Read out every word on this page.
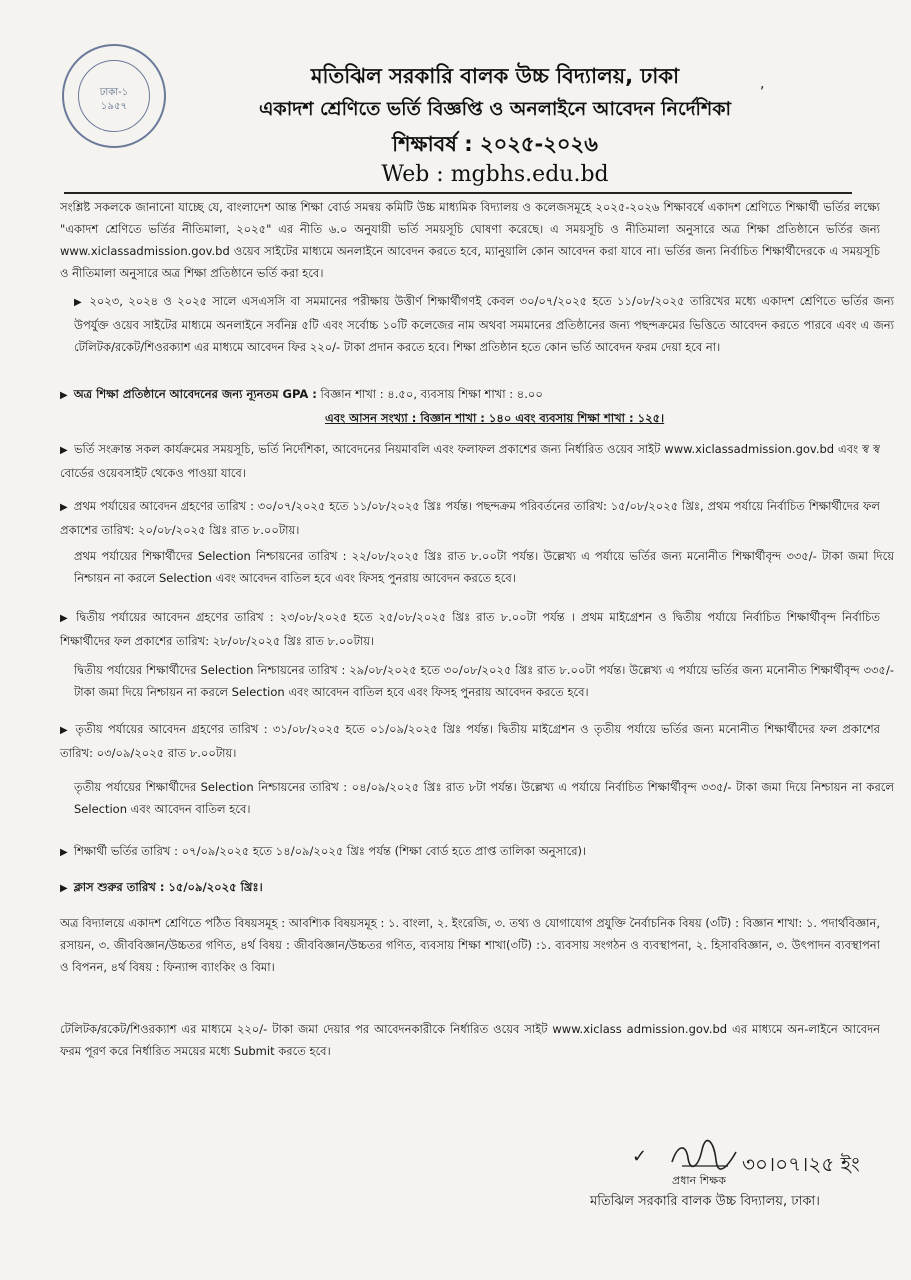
ঢাকা-১
১৯৫৭
মতিঝিল সরকারি বালক উচ্চ বিদ্যালয়, ঢাকা
একাদশ শ্রেণিতে ভর্তি বিজ্ঞপ্তি ও অনলাইনে আবেদন নির্দেশিকা
শিক্ষাবর্ষ : ২০২৫-২০২৬
Web : mgbhs.edu.bd
,
সংশ্লিষ্ট সকলকে জানানো যাচ্ছে যে, বাংলাদেশ আন্ত শিক্ষা বোর্ড সমন্বয় কমিটি উচ্চ মাধ্যমিক বিদ্যালয় ও কলেজসমূহে ২০২৫-২০২৬ শিক্ষাবর্ষে একাদশ শ্রেণিতে শিক্ষার্থী ভর্তির লক্ষ্যে "একাদশ শ্রেণিতে ভর্তির নীতিমালা, ২০২৫" এর নীতি ৬.০ অনুযায়ী ভর্তি সময়সূচি ঘোষণা করেছে। এ সময়সূচি ও নীতিমালা অনুসারে অত্র শিক্ষা প্রতিষ্ঠানে ভর্তির জন্য www.xiclassadmission.gov.bd ওয়েব সাইটের মাধ্যমে অনলাইনে আবেদন করতে হবে, ম্যানুয়ালি কোন আবেদন করা যাবে না। ভর্তির জন্য নির্বাচিত শিক্ষার্থীদেরকে এ সময়সূচি ও নীতিমালা অনুসারে অত্র শিক্ষা প্রতিষ্ঠানে ভর্তি করা হবে।
▶ ২০২৩, ২০২৪ ও ২০২৫ সালে এসএসসি বা সমমানের পরীক্ষায় উত্তীর্ণ শিক্ষার্থীগণই কেবল ৩০/০৭/২০২৫ হতে ১১/০৮/২০২৫ তারিখের মধ্যে একাদশ শ্রেণিতে ভর্তির জন্য উপর্যুক্ত ওয়েব সাইটের মাধ্যমে অনলাইনে সর্বনিম্ন ৫টি এবং সর্বোচ্চ ১০টি কলেজের নাম অথবা সমমানের প্রতিষ্ঠানের জন্য পছন্দক্রমের ভিত্তিতে আবেদন করতে পারবে এবং এ জন্য টেলিটক/রকেট/শিওরক্যাশ এর মাধ্যমে আবেদন ফির ২২০/- টাকা প্রদান করতে হবে। শিক্ষা প্রতিষ্ঠান হতে কোন ভর্তি আবেদন ফরম দেয়া হবে না।
▶ অত্র শিক্ষা প্রতিষ্ঠানে আবেদনের জন্য ন্যূনতম GPA : বিজ্ঞান শাখা : ৪.৫০, ব্যবসায় শিক্ষা শাখা : ৪.০০
এবং আসন সংখ্যা : বিজ্ঞান শাখা : ১৪০ এবং ব্যবসায় শিক্ষা শাখা : ১২৫।
▶ ভর্তি সংক্রান্ত সকল কার্যক্রমের সময়সূচি, ভর্তি নির্দেশিকা, আবেদনের নিয়মাবলি এবং ফলাফল প্রকাশের জন্য নির্ধারিত ওয়েব সাইট www.xiclassadmission.gov.bd এবং স্ব স্ব বোর্ডের ওয়েবসাইট থেকেও পাওয়া যাবে।
▶ প্রথম পর্যায়ের আবেদন গ্রহণের তারিখ : ৩০/০৭/২০২৫ হতে ১১/০৮/২০২৫ খ্রিঃ পর্যন্ত। পছন্দক্রম পরিবর্তনের তারিখ: ১৫/০৮/২০২৫ খ্রিঃ, প্রথম পর্যায়ে নির্বাচিত শিক্ষার্থীদের ফল প্রকাশের তারিখ: ২০/০৮/২০২৫ খ্রিঃ রাত ৮.০০টায়।
প্রথম পর্যায়ের শিক্ষার্থীদের Selection নিশ্চায়নের তারিখ : ২২/০৮/২০২৫ খ্রিঃ রাত ৮.০০টা পর্যন্ত। উল্লেখ্য এ পর্যায়ে ভর্তির জন্য মনোনীত শিক্ষার্থীবৃন্দ ৩৩৫/- টাকা জমা দিয়ে নিশ্চায়ন না করলে Selection এবং আবেদন বাতিল হবে এবং ফিসহ পুনরায় আবেদন করতে হবে।
▶ দ্বিতীয় পর্যায়ের আবেদন গ্রহণের তারিখ : ২৩/০৮/২০২৫ হতে ২৫/০৮/২০২৫ খ্রিঃ রাত ৮.০০টা পর্যন্ত । প্রথম মাইগ্রেশন ও দ্বিতীয় পর্যায়ে নির্বাচিত শিক্ষার্থীবৃন্দ নির্বাচিত শিক্ষার্থীদের ফল প্রকাশের তারিখ: ২৮/০৮/২০২৫ খ্রিঃ রাত ৮.০০টায়।
দ্বিতীয় পর্যায়ের শিক্ষার্থীদের Selection নিশ্চায়নের তারিখ : ২৯/০৮/২০২৫ হতে ৩০/০৮/২০২৫ খ্রিঃ রাত ৮.০০টা পর্যন্ত। উল্লেখ্য এ পর্যায়ে ভর্তির জন্য মনোনীত শিক্ষার্থীবৃন্দ ৩৩৫/- টাকা জমা দিয়ে নিশ্চায়ন না করলে Selection এবং আবেদন বাতিল হবে এবং ফিসহ পুনরায় আবেদন করতে হবে।
▶ তৃতীয় পর্যায়ের আবেদন গ্রহণের তারিখ : ৩১/০৮/২০২৫ হতে ০১/০৯/২০২৫ খ্রিঃ পর্যন্ত। দ্বিতীয় মাইগ্রেশন ও তৃতীয় পর্যায়ে ভর্তির জন্য মনোনীত শিক্ষার্থীদের ফল প্রকাশের তারিখ: ০৩/০৯/২০২৫ রাত ৮.০০টায়।
তৃতীয় পর্যায়ের শিক্ষার্থীদের Selection নিশ্চায়নের তারিখ : ০৪/০৯/২০২৫ খ্রিঃ রাত ৮টা পর্যন্ত। উল্লেখ্য এ পর্যায়ে নির্বাচিত শিক্ষার্থীবৃন্দ ৩৩৫/- টাকা জমা দিয়ে নিশ্চায়ন না করলে Selection এবং আবেদন বাতিল হবে।
▶ শিক্ষার্থী ভর্তির তারিখ : ০৭/০৯/২০২৫ হতে ১৪/০৯/২০২৫ খ্রিঃ পর্যন্ত (শিক্ষা বোর্ড হতে প্রাপ্ত তালিকা অনুসারে)।
▶ ক্লাস শুরুর তারিখ : ১৫/০৯/২০২৫ খ্রিঃ।
অত্র বিদ্যালয়ে একাদশ শ্রেণিতে পঠিত বিষয়সমূহ : আবশ্যিক বিষয়সমূহ : ১. বাংলা, ২. ইংরেজি, ৩. তথ্য ও যোগাযোগ প্রযুক্তি নৈর্বাচনিক বিষয় (৩টি) : বিজ্ঞান শাখা: ১. পদার্থবিজ্ঞান, রসায়ন, ৩. জীববিজ্ঞান/উচ্চতর গণিত, ৪র্থ বিষয় : জীববিজ্ঞান/উচ্চতর গণিত, ব্যবসায় শিক্ষা শাখা(৩টি) :১. ব্যবসায় সংগঠন ও ব্যবস্থাপনা, ২. হিসাববিজ্ঞান, ৩. উৎপাদন ব্যবস্থাপনা ও বিপনন, ৪র্থ বিষয় : ফিন্যান্স ব্যাংকিং ও বিমা।
টেলিটক/রকেট/শিওরক্যাশ এর মাধ্যমে ২২০/- টাকা জমা দেয়ার পর আবেদনকারীকে নির্ধারিত ওয়েব সাইট www.xiclass admission.gov.bd এর মাধ্যমে অন-লাইনে আবেদন ফরম পূরণ করে নির্ধারিত সময়ের মধ্যে Submit করতে হবে।
✓	৩০।০৭।২৫ ইং
প্রধান শিক্ষক
মতিঝিল সরকারি বালক উচ্চ বিদ্যালয়, ঢাকা।
